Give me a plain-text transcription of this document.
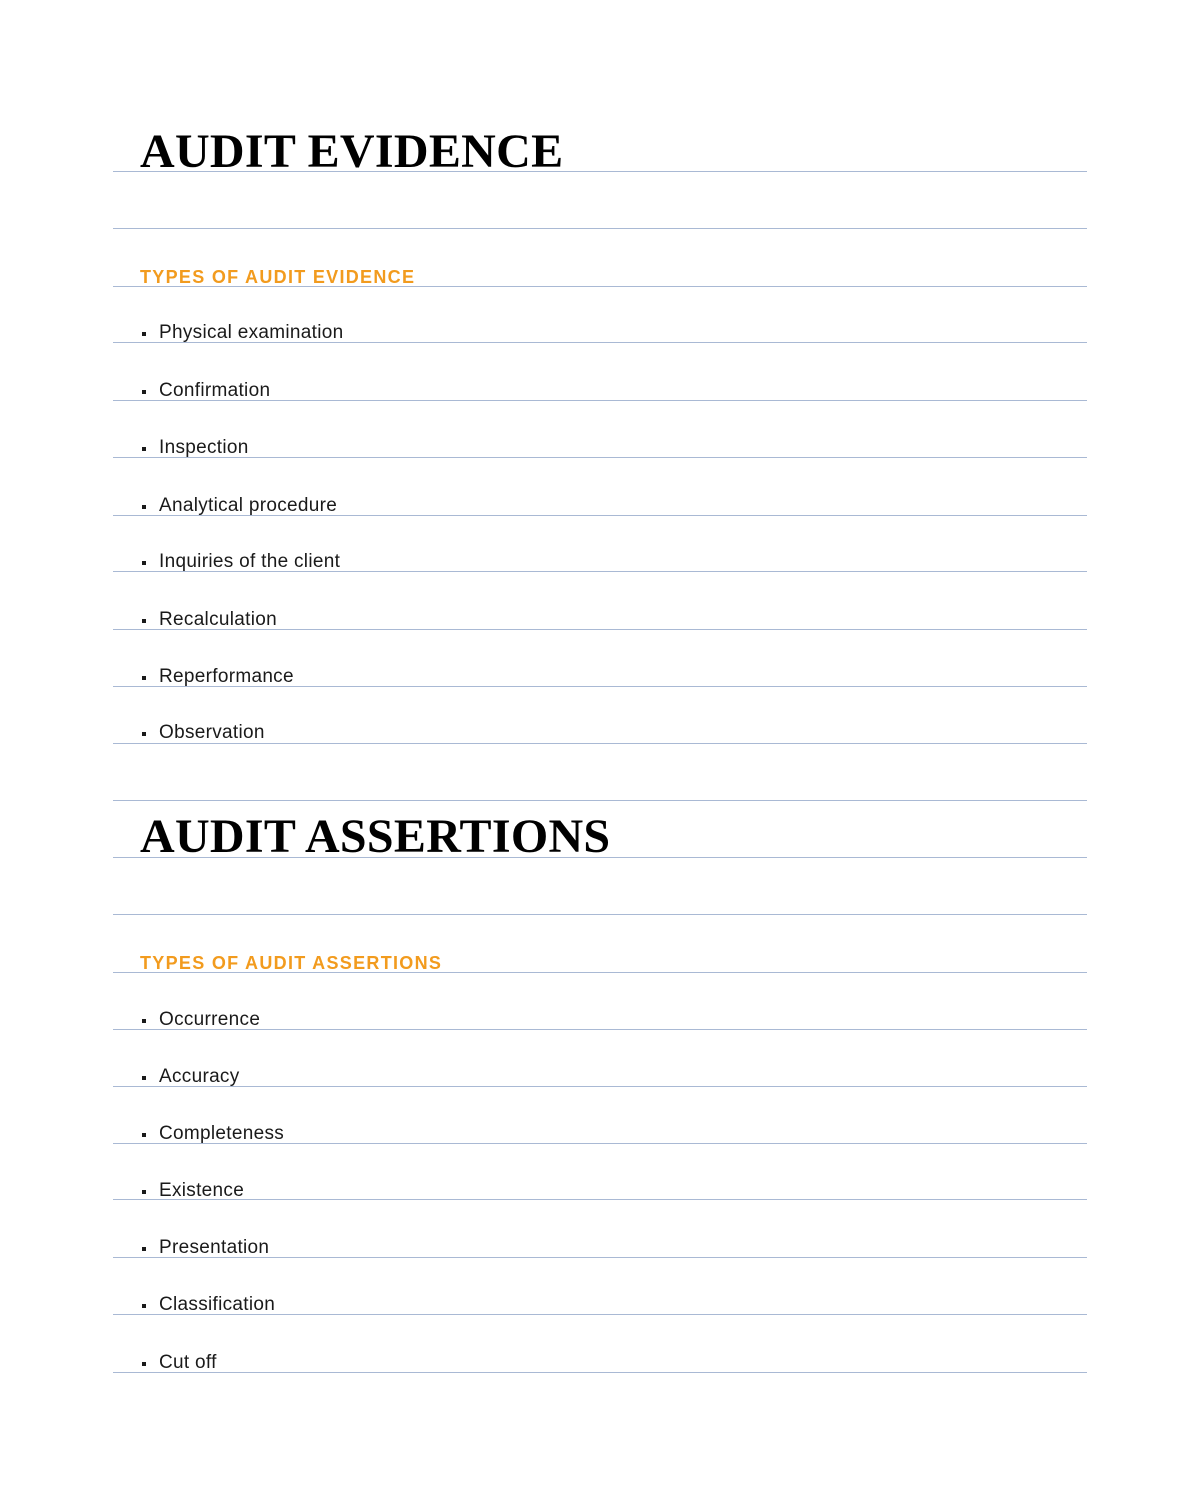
AUDIT EVIDENCE
TYPES OF AUDIT EVIDENCE
Physical examination
Confirmation
Inspection
Analytical procedure
Inquiries of the client
Recalculation
Reperformance
Observation
AUDIT ASSERTIONS
TYPES OF AUDIT ASSERTIONS
Occurrence
Accuracy
Completeness
Existence
Presentation
Classification
Cut off
